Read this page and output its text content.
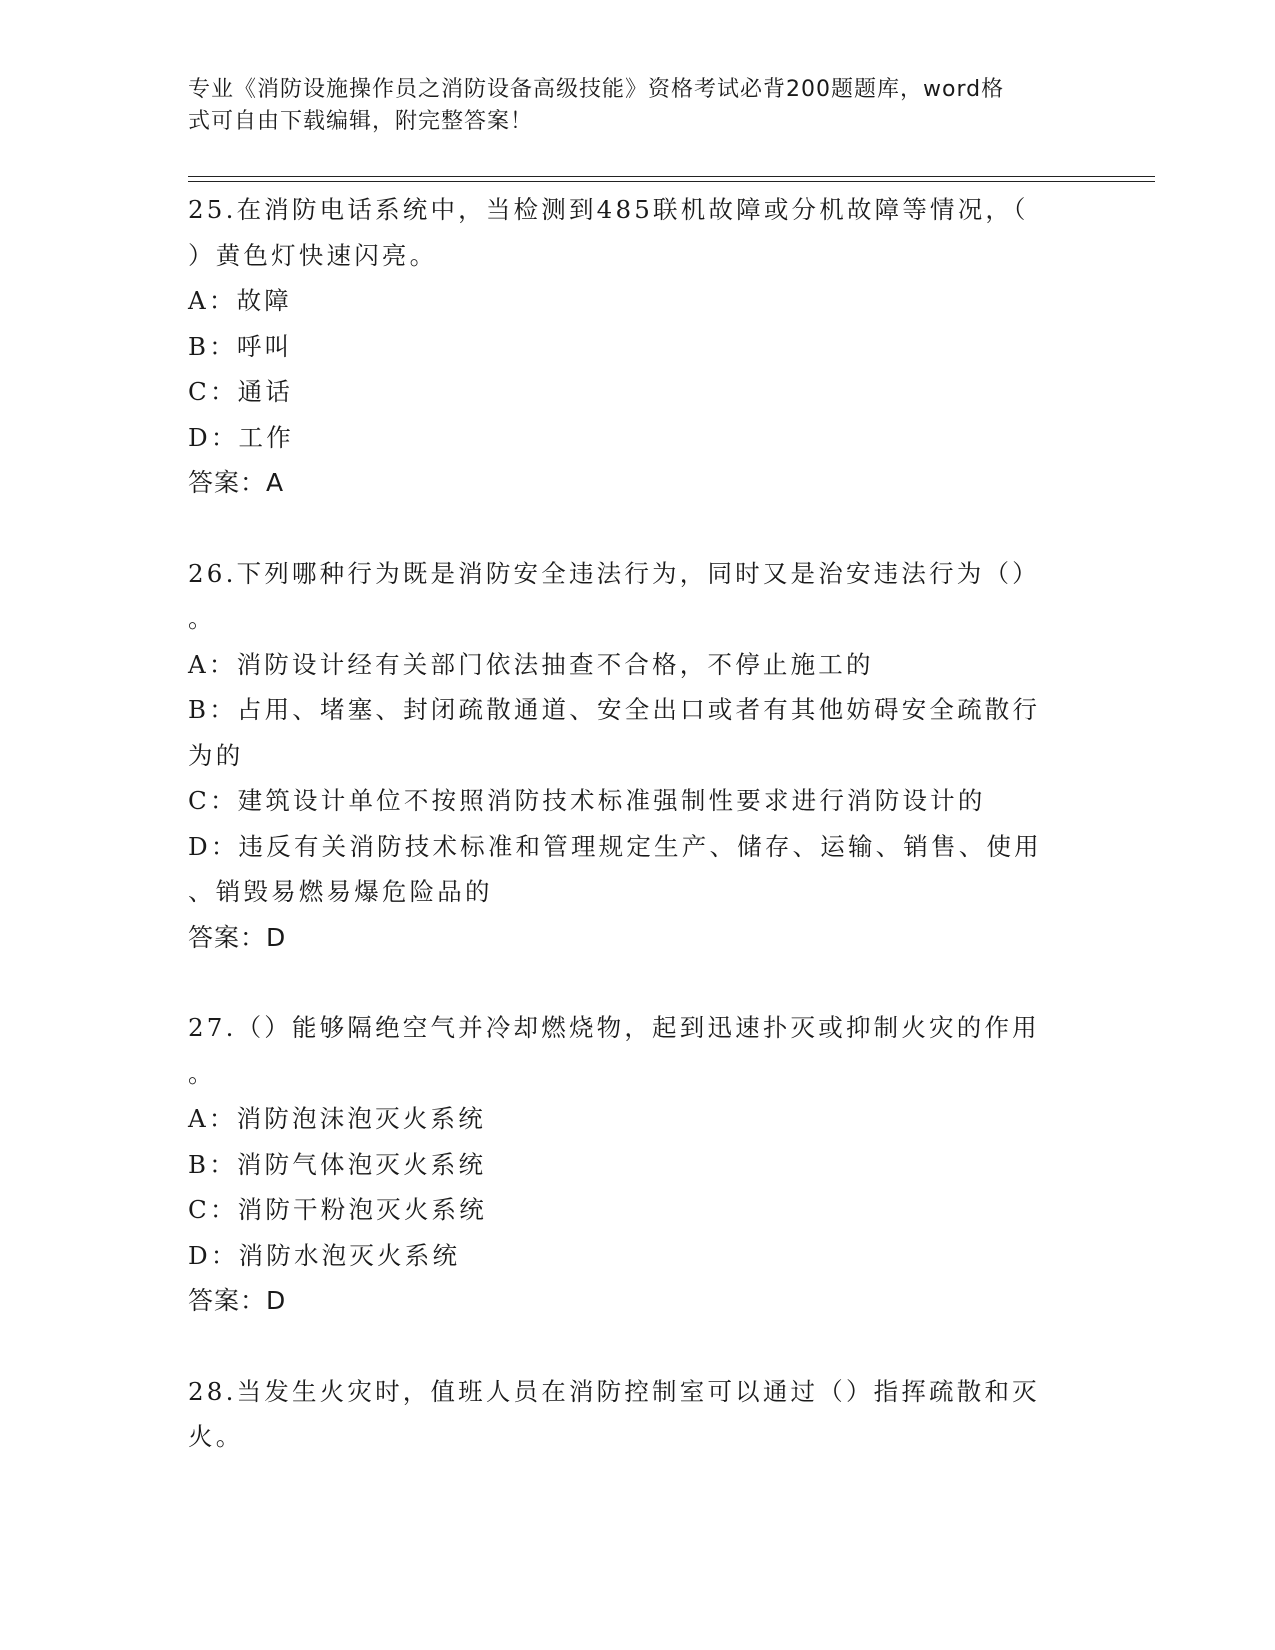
专业《消防设施操作员之消防设备高级技能》资格考试必背200题题库，word格
式可自由下载编辑，附完整答案！
25.在消防电话系统中，当检测到485联机故障或分机故障等情况，（
）黄色灯快速闪亮。
A：故障
B：呼叫
C：通话
D：工作
答案：A
26.下列哪种行为既是消防安全违法行为，同时又是治安违法行为（）
。
A：消防设计经有关部门依法抽查不合格，不停止施工的
B：占用、堵塞、封闭疏散通道、安全出口或者有其他妨碍安全疏散行
为的
C：建筑设计单位不按照消防技术标准强制性要求进行消防设计的
D：违反有关消防技术标准和管理规定生产、储存、运输、销售、使用
、销毁易燃易爆危险品的
答案：D
27.（）能够隔绝空气并冷却燃烧物，起到迅速扑灭或抑制火灾的作用
。
A：消防泡沫泡灭火系统
B：消防气体泡灭火系统
C：消防干粉泡灭火系统
D：消防水泡灭火系统
答案：D
28.当发生火灾时，值班人员在消防控制室可以通过（）指挥疏散和灭
火。
